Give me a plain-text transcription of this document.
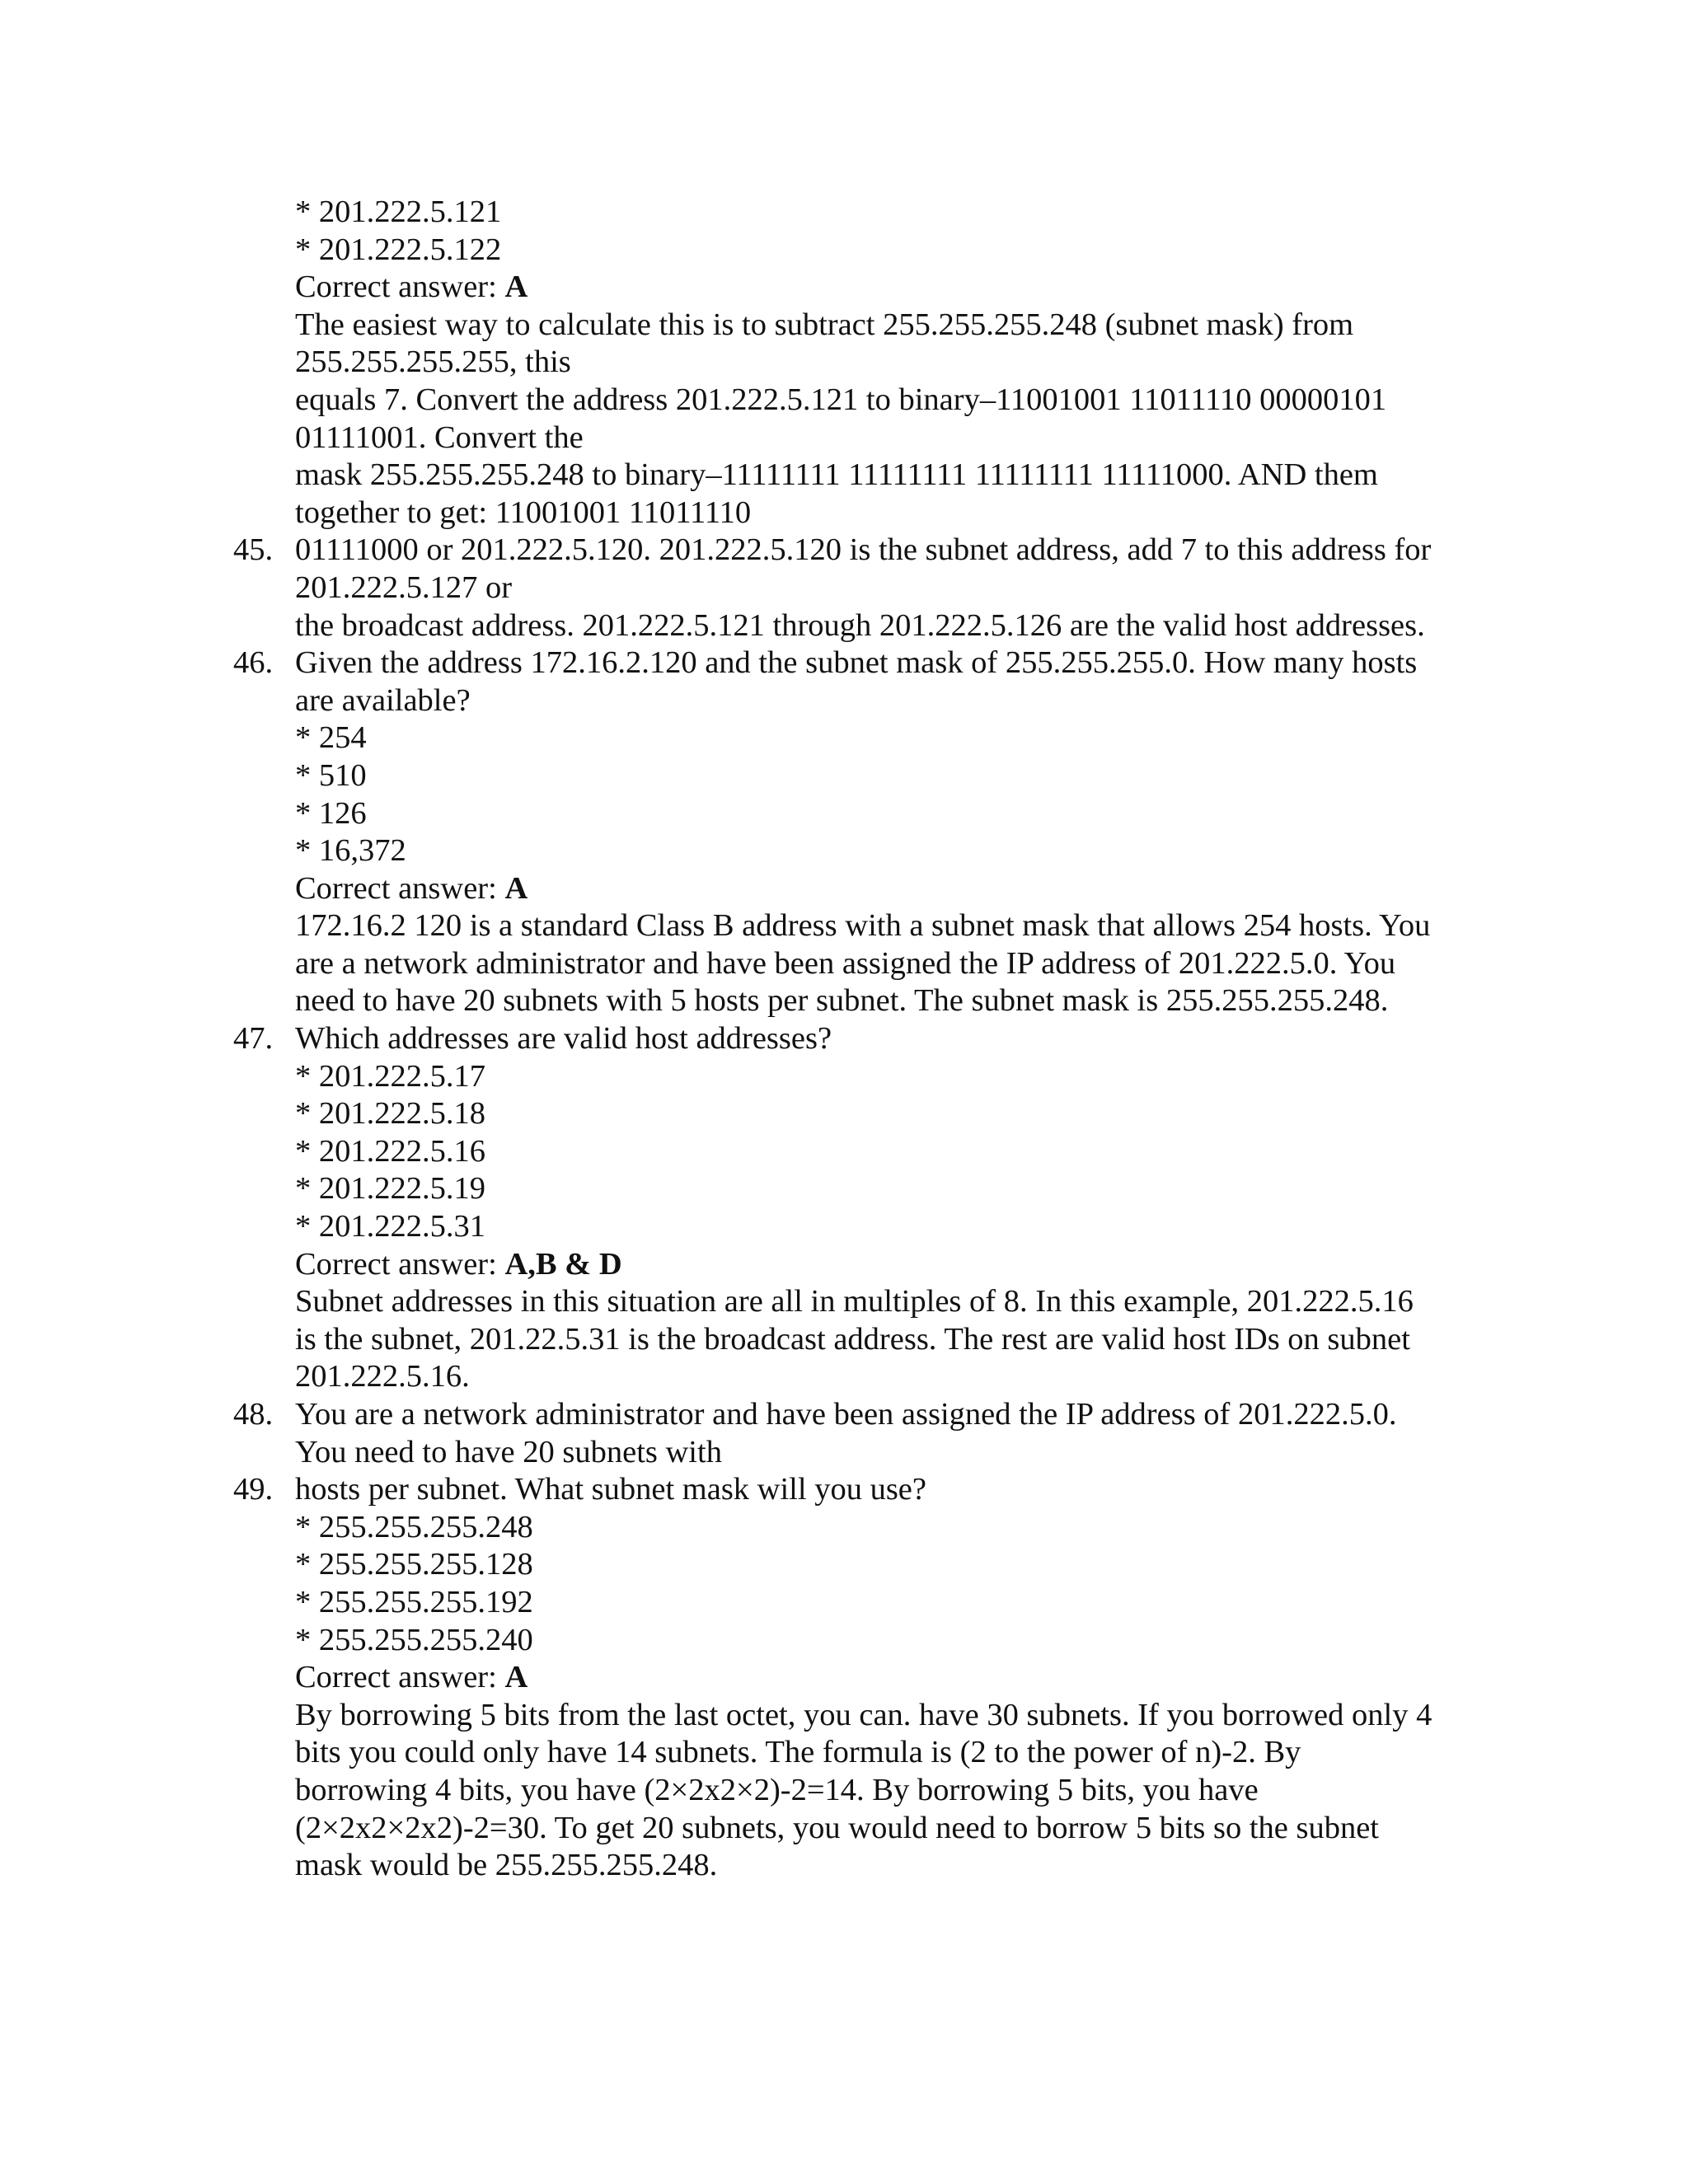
* 201.222.5.121
* 201.222.5.122
Correct answer: A
The easiest way to calculate this is to subtract 255.255.255.248 (subnet mask) from
255.255.255.255, this
equals 7. Convert the address 201.222.5.121 to binary–11001001 11011110 00000101
01111001. Convert the
mask 255.255.255.248 to binary–11111111 11111111 11111111 11111000. AND them
together to get: 11001001 11011110
45. 01111000 or 201.222.5.120. 201.222.5.120 is the subnet address, add 7 to this address for
201.222.5.127 or
the broadcast address. 201.222.5.121 through 201.222.5.126 are the valid host addresses.
46. Given the address 172.16.2.120 and the subnet mask of 255.255.255.0. How many hosts
are available?
* 254
* 510
* 126
* 16,372
Correct answer: A
172.16.2 120 is a standard Class B address with a subnet mask that allows 254 hosts. You
are a network administrator and have been assigned the IP address of 201.222.5.0. You
need to have 20 subnets with 5 hosts per subnet. The subnet mask is 255.255.255.248.
47. Which addresses are valid host addresses?
* 201.222.5.17
* 201.222.5.18
* 201.222.5.16
* 201.222.5.19
* 201.222.5.31
Correct answer: A,B & D
Subnet addresses in this situation are all in multiples of 8. In this example, 201.222.5.16
is the subnet, 201.22.5.31 is the broadcast address. The rest are valid host IDs on subnet
201.222.5.16.
48. You are a network administrator and have been assigned the IP address of 201.222.5.0.
You need to have 20 subnets with
49. hosts per subnet. What subnet mask will you use?
* 255.255.255.248
* 255.255.255.128
* 255.255.255.192
* 255.255.255.240
Correct answer: A
By borrowing 5 bits from the last octet, you can. have 30 subnets. If you borrowed only 4
bits you could only have 14 subnets. The formula is (2 to the power of n)-2. By
borrowing 4 bits, you have (2×2x2×2)-2=14. By borrowing 5 bits, you have
(2×2x2×2x2)-2=30. To get 20 subnets, you would need to borrow 5 bits so the subnet
mask would be 255.255.255.248.
